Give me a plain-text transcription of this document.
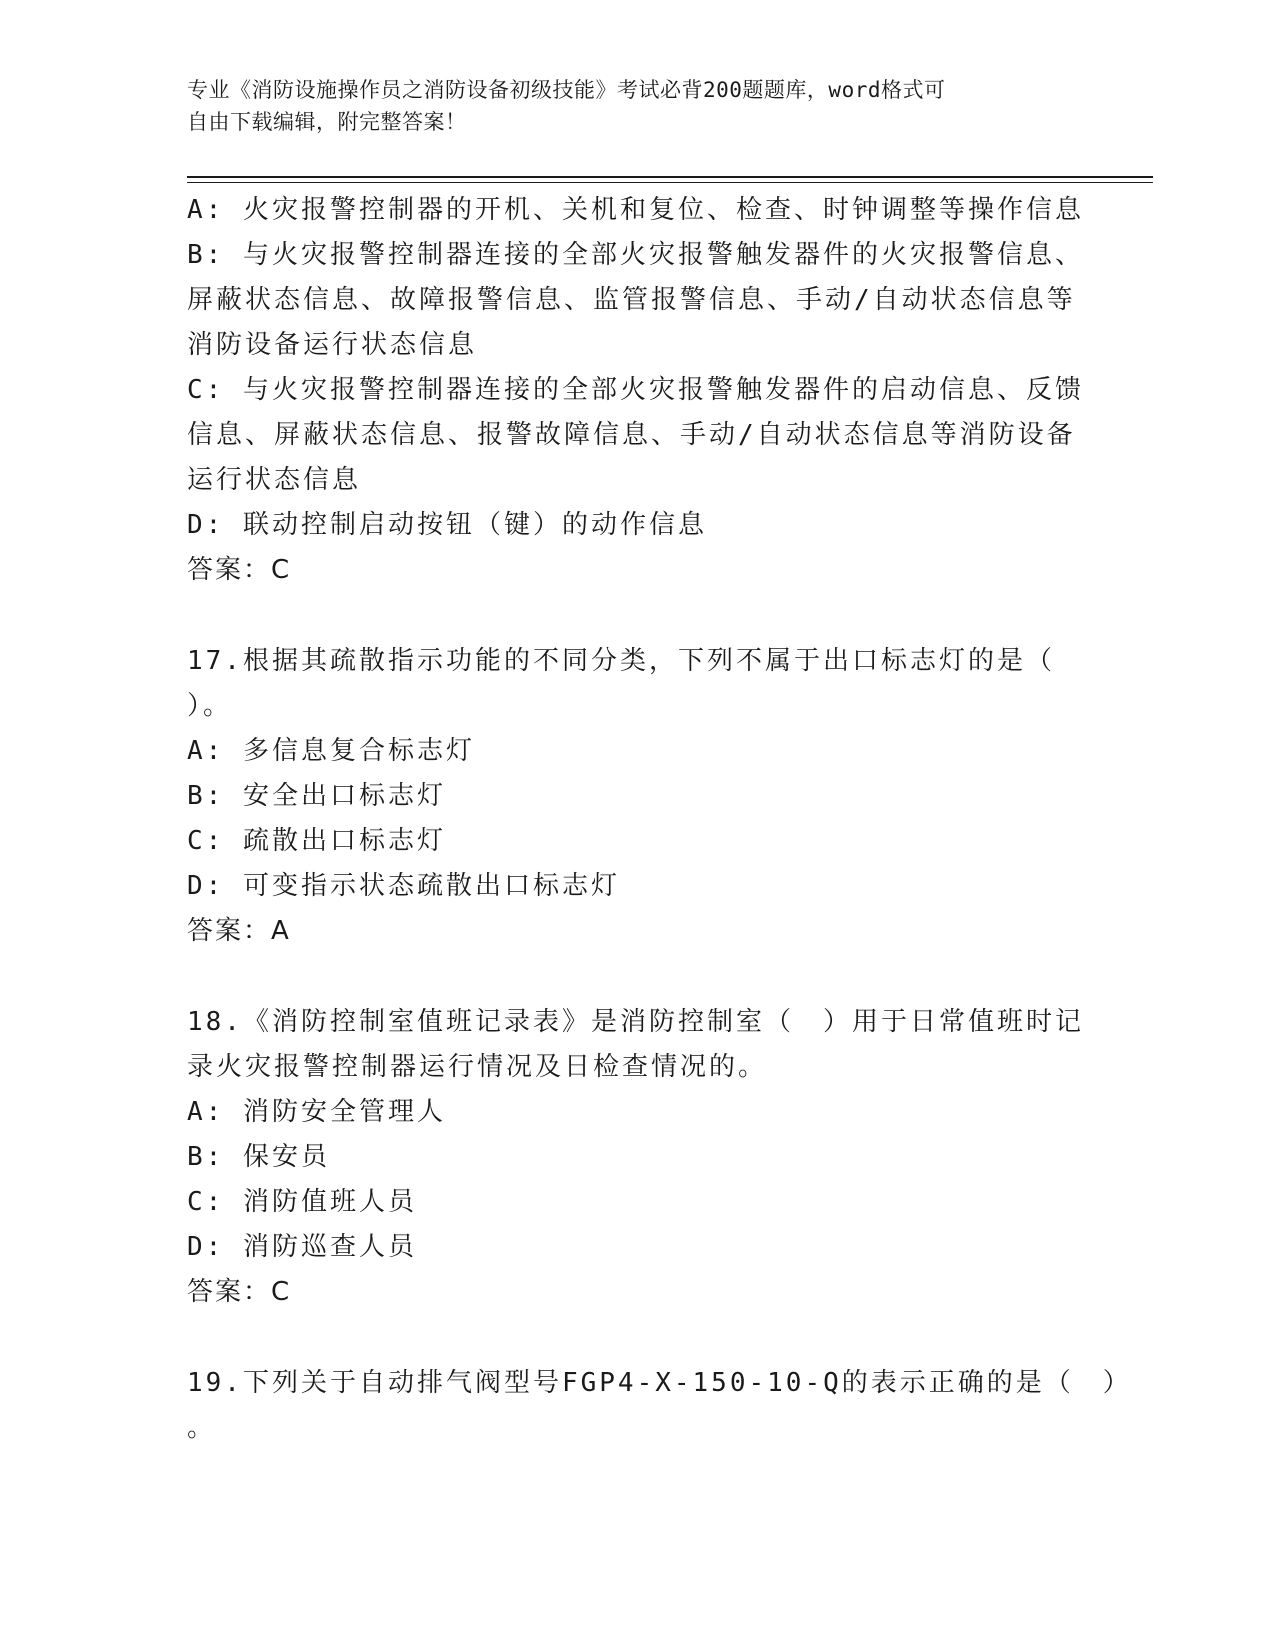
专业《消防设施操作员之消防设备初级技能》考试必背200题题库，word格式可
自由下载编辑，附完整答案！
A: 火灾报警控制器的开机、关机和复位、检查、时钟调整等操作信息
B: 与火灾报警控制器连接的全部火灾报警触发器件的火灾报警信息、
屏蔽状态信息、故障报警信息、监管报警信息、手动/自动状态信息等
消防设备运行状态信息
C: 与火灾报警控制器连接的全部火灾报警触发器件的启动信息、反馈
信息、屏蔽状态信息、报警故障信息、手动/自动状态信息等消防设备
运行状态信息
D: 联动控制启动按钮（键）的动作信息
答案：C
17.根据其疏散指示功能的不同分类，下列不属于出口标志灯的是（
）。
A: 多信息复合标志灯
B: 安全出口标志灯
C: 疏散出口标志灯
D: 可变指示状态疏散出口标志灯
答案：A
18.《消防控制室值班记录表》是消防控制室（　）用于日常值班时记
录火灾报警控制器运行情况及日检查情况的。
A: 消防安全管理人
B: 保安员
C: 消防值班人员
D: 消防巡查人员
答案：C
19.下列关于自动排气阀型号FGP4-X-150-10-Q的表示正确的是（　）
。
